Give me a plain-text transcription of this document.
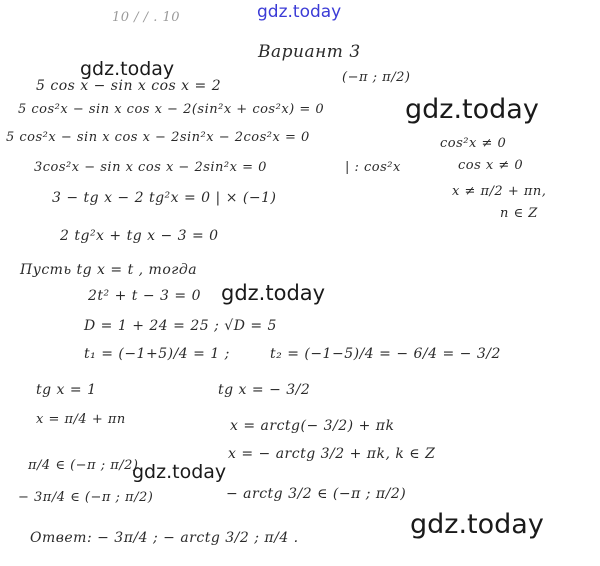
10 / / . 10	gdz.today
Вариант 3
(−π ; π/2)
gdz.today
5 cos x − sin x cos x = 2
5 cos²x − sin x cos x − 2(sin²x + cos²x) = 0	gdz.today
5 cos²x − sin x cos x − 2sin²x − 2cos²x = 0	cos²x ≠ 0
3cos²x − sin x cos x − 2sin²x = 0	| : cos²x	cos x ≠ 0
3 − tg x − 2 tg²x = 0 | × (−1)	x ≠ π/2 + πn,
n ∈ Z
2 tg²x + tg x − 3 = 0
Пусть tg x = t , тогда
2t² + t − 3 = 0 gdz.today
D = 1 + 24 = 25 ; √D = 5
t₁ = (−1+5)/4 = 1 ;	t₂ = (−1−5)/4 = − 6/4 = − 3/2
tg x = 1	tg x = − 3/2
x = π/4 + πn	x = arctg(− 3/2) + πk
x = − arctg 3/2 + πk, k ∈ Z
π/4 ∈ (−π ; π/2)
gdz.today
− 3π/4 ∈ (−π ; π/2)	− arctg 3/2 ∈ (−π ; π/2)
gdz.today
Ответ: − 3π/4 ; − arctg 3/2 ; π/4 .
